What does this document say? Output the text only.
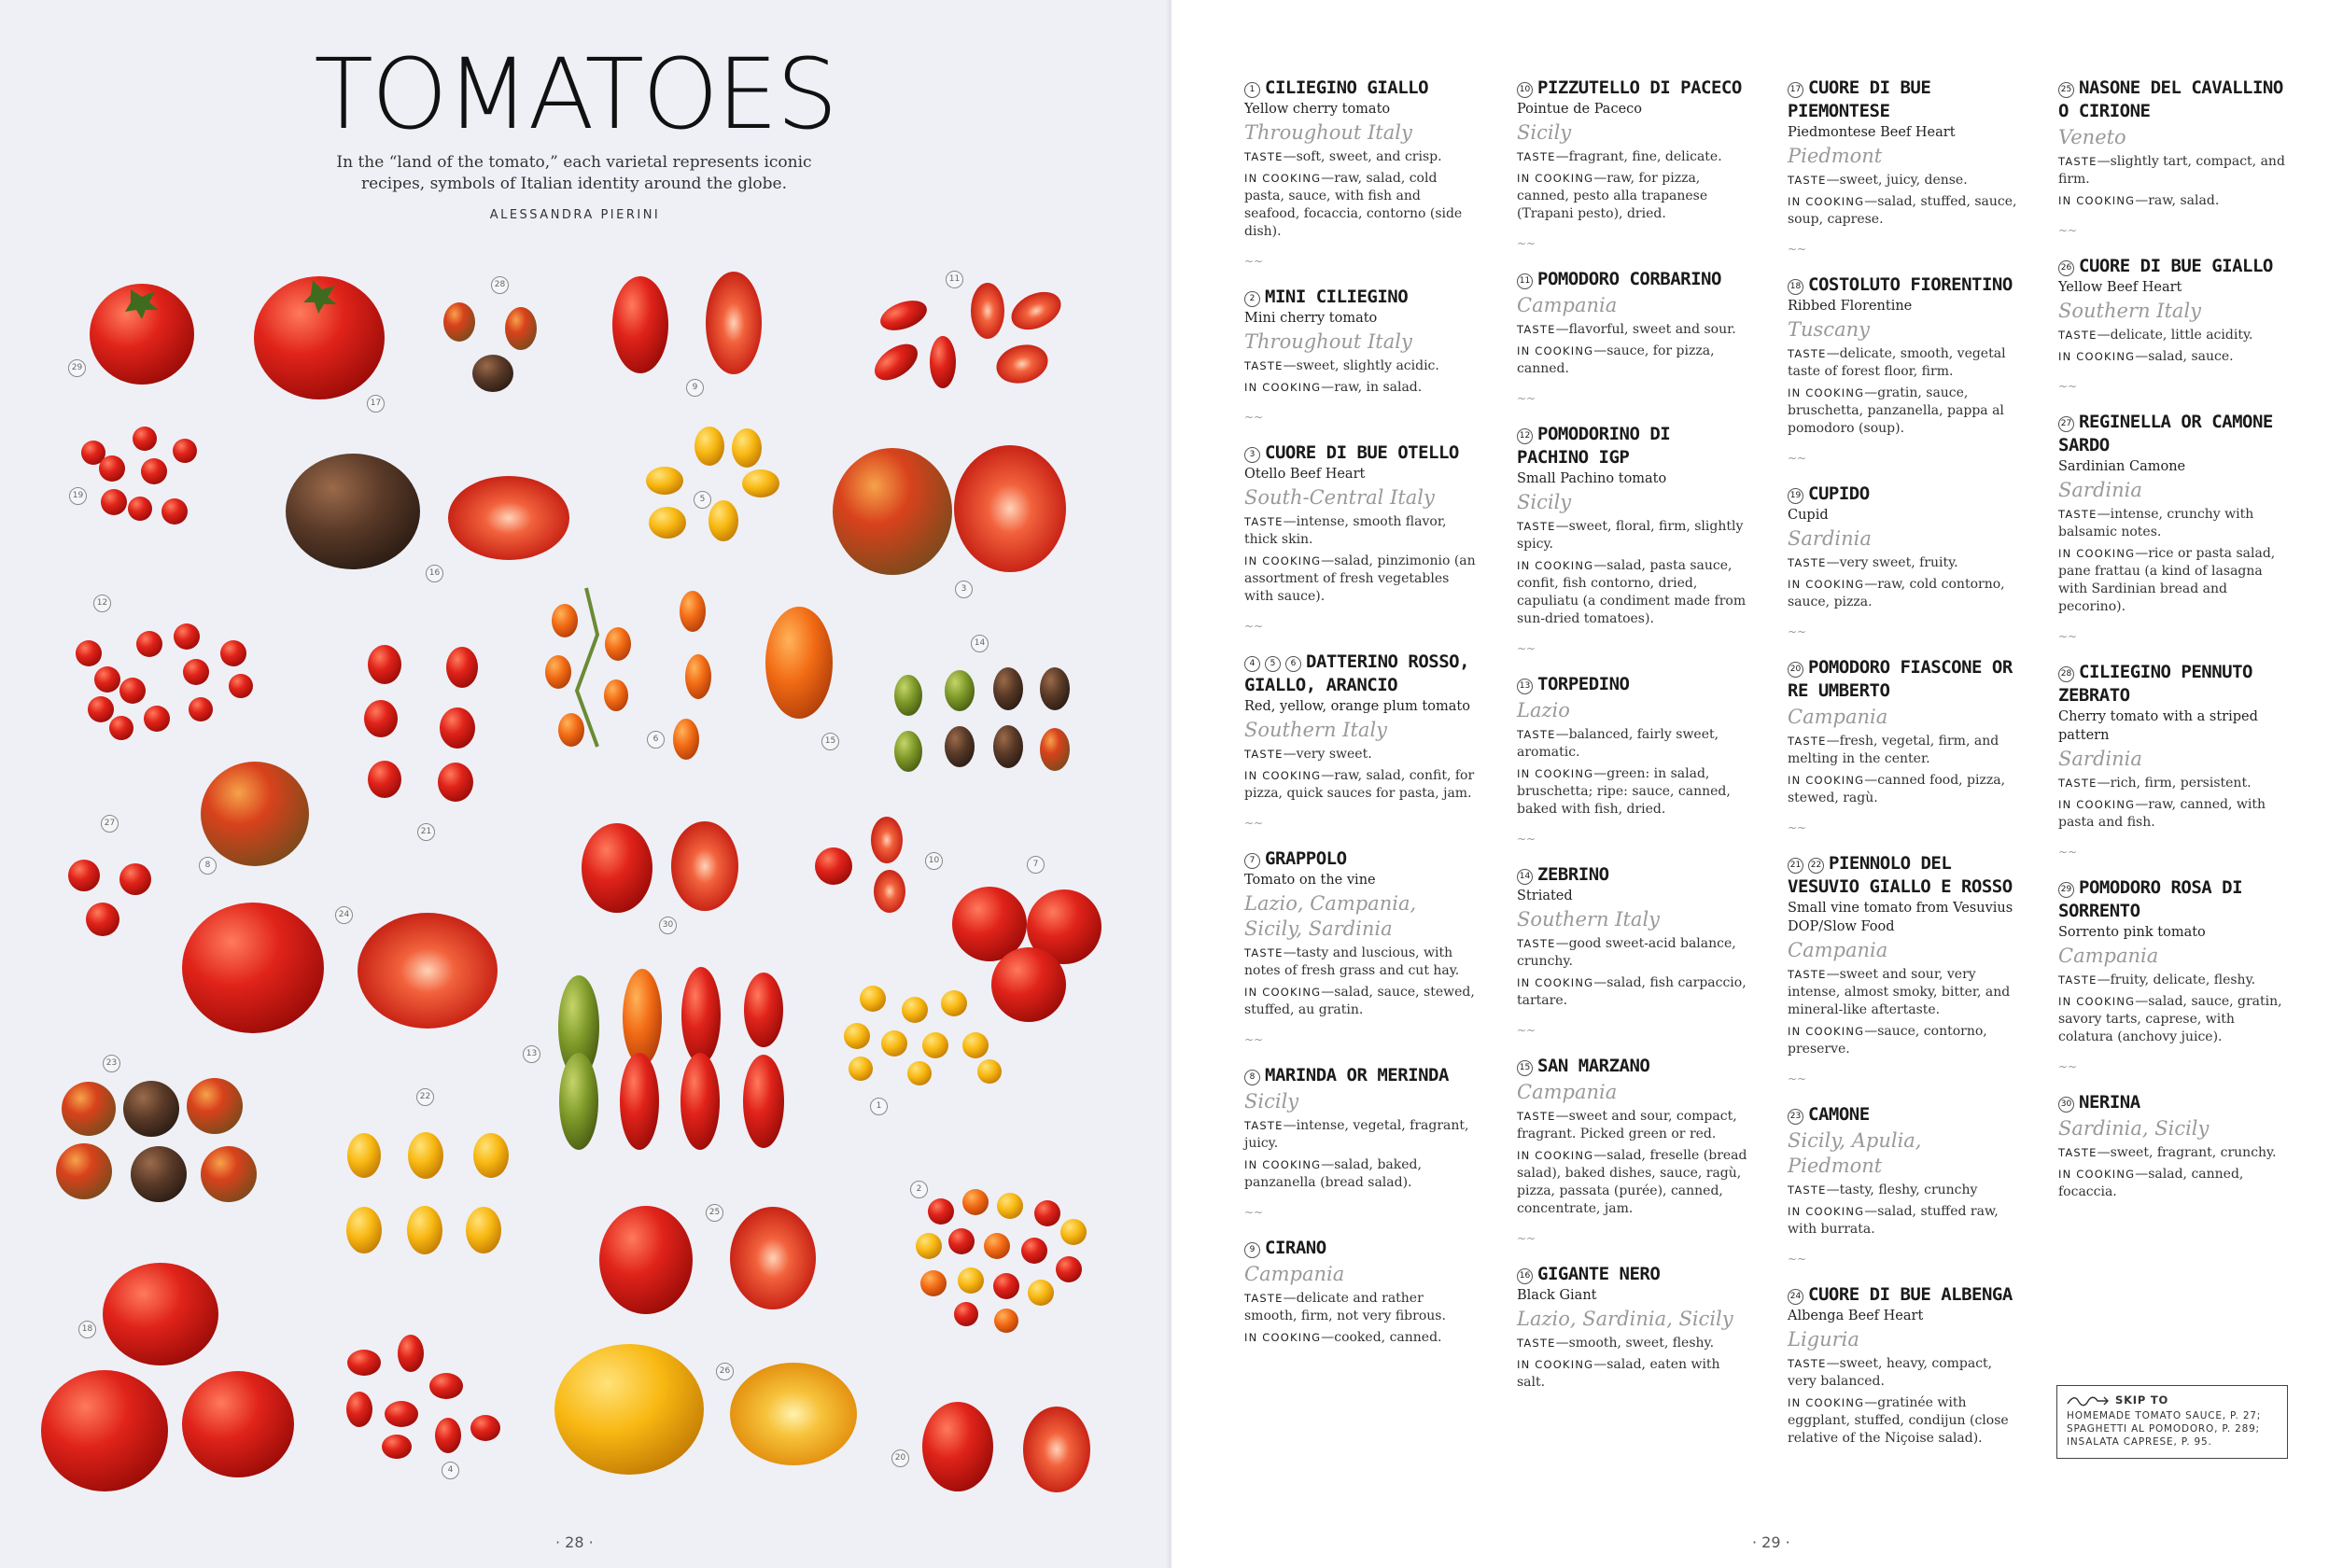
TOMATOES

In the “land of the tomato,” each varietal represents iconic recipes, symbols of Italian identity around the globe.

ALESSANDRA PIERINI

29
17
28
9
11
19	5
16
3
12
14
6	15
21
27
8	10	7
24
30
13
23
22
1
2
25
18
26
4
20
· 28 ·
1 CILIEGINO GIALLO
Yellow cherry tomato
Throughout Italy
TASTE—soft, sweet, and crisp.
IN COOKING—raw, salad, cold pasta, sauce, with fish and seafood, focaccia, contorno (side dish).
~~
2 MINI CILIEGINO
Mini cherry tomato
Throughout Italy
TASTE—sweet, slightly acidic.
IN COOKING—raw, in salad.
~~
3 CUORE DI BUE OTELLO
Otello Beef Heart
South-Central Italy
TASTE—intense, smooth flavor, thick skin.
IN COOKING—salad, pinzimonio (an assortment of fresh vegetables with sauce).
~~
4 5 6 DATTERINO ROSSO, GIALLO, ARANCIO
Red, yellow, orange plum tomato
Southern Italy
TASTE—very sweet.
IN COOKING—raw, salad, confit, for pizza, quick sauces for pasta, jam.
~~
7 GRAPPOLO
Tomato on the vine
Lazio, Campania, Sicily, Sardinia
TASTE—tasty and luscious, with notes of fresh grass and cut hay.
IN COOKING—salad, sauce, stewed, stuffed, au gratin.
~~
8 MARINDA OR MERINDA
Sicily
TASTE—intense, vegetal, fragrant, juicy.
IN COOKING—salad, baked, panzanella (bread salad).
~~
9 CIRANO
Campania
TASTE—delicate and rather smooth, firm, not very fibrous.
IN COOKING—cooked, canned.
10 PIZZUTELLO DI PACECO
Pointue de Paceco
Sicily
TASTE—fragrant, fine, delicate.
IN COOKING—raw, for pizza, canned, pesto alla trapanese (Trapani pesto), dried.
~~
11 POMODORO CORBARINO
Campania
TASTE—flavorful, sweet and sour.
IN COOKING—sauce, for pizza, canned.
~~
12 POMODORINO DI PACHINO IGP
Small Pachino tomato
Sicily
TASTE—sweet, floral, firm, slightly spicy.
IN COOKING—salad, pasta sauce, confit, fish contorno, dried, capuliatu (a condiment made from sun-dried tomatoes).
~~
13 TORPEDINO
Lazio
TASTE—balanced, fairly sweet, aromatic.
IN COOKING—green: in salad, bruschetta; ripe: sauce, canned, baked with fish, dried.
~~
14 ZEBRINO
Striated
Southern Italy
TASTE—good sweet-acid balance, crunchy.
IN COOKING—salad, fish carpaccio, tartare.
~~
15 SAN MARZANO
Campania
TASTE—sweet and sour, compact, fragrant. Picked green or red.
IN COOKING—salad, freselle (bread salad), baked dishes, sauce, ragù, pizza, passata (purée), canned, concentrate, jam.
~~
16 GIGANTE NERO
Black Giant
Lazio, Sardinia, Sicily
TASTE—smooth, sweet, fleshy.
IN COOKING—salad, eaten with salt.
17 CUORE DI BUE PIEMONTESE
Piedmontese Beef Heart
Piedmont
TASTE—sweet, juicy, dense.
IN COOKING—salad, stuffed, sauce, soup, caprese.
~~
18 COSTOLUTO FIORENTINO
Ribbed Florentine
Tuscany
TASTE—delicate, smooth, vegetal taste of forest floor, firm.
IN COOKING—gratin, sauce, bruschetta, panzanella, pappa al pomodoro (soup).
~~
19 CUPIDO
Cupid
Sardinia
TASTE—very sweet, fruity.
IN COOKING—raw, cold contorno, sauce, pizza.
~~
20 POMODORO FIASCONE OR RE UMBERTO
Campania
TASTE—fresh, vegetal, firm, and melting in the center.
IN COOKING—canned food, pizza, stewed, ragù.
~~
21 22 PIENNOLO DEL VESUVIO GIALLO E ROSSO
Small vine tomato from Vesuvius DOP/Slow Food
Campania
TASTE—sweet and sour, very intense, almost smoky, bitter, and mineral-like aftertaste.
IN COOKING—sauce, contorno, preserve.
~~
23 CAMONE
Sicily, Apulia, Piedmont
TASTE—tasty, fleshy, crunchy
IN COOKING—salad, stuffed raw, with burrata.
~~
24 CUORE DI BUE ALBENGA
Albenga Beef Heart
Liguria
TASTE—sweet, heavy, compact, very balanced.
IN COOKING—gratinée with eggplant, stuffed, condijun (close relative of the Niçoise salad).
25 NASONE DEL CAVALLINO O CIRIONE
Veneto
TASTE—slightly tart, compact, and firm.
IN COOKING—raw, salad.
~~
26 CUORE DI BUE GIALLO
Yellow Beef Heart
Southern Italy
TASTE—delicate, little acidity.
IN COOKING—salad, sauce.
~~
27 REGINELLA OR CAMONE SARDO
Sardinian Camone
Sardinia
TASTE—intense, crunchy with balsamic notes.
IN COOKING—rice or pasta salad, pane frattau (a kind of lasagna with Sardinian bread and pecorino).
~~
28 CILIEGINO PENNUTO ZEBRATO
Cherry tomato with a striped pattern
Sardinia
TASTE—rich, firm, persistent.
IN COOKING—raw, canned, with pasta and fish.
~~
29 POMODORO ROSA DI SORRENTO
Sorrento pink tomato
Campania
TASTE—fruity, delicate, fleshy.
IN COOKING—salad, sauce, gratin, savory tarts, caprese, with colatura (anchovy juice).
~~
30 NERINA
Sardinia, Sicily
TASTE—sweet, fragrant, crunchy.
IN COOKING—salad, canned, focaccia.
SKIP TO
HOMEMADE TOMATO SAUCE, P. 27;
SPAGHETTI AL POMODORO, P. 289;
INSALATA CAPRESE, P. 95.
· 29 ·
